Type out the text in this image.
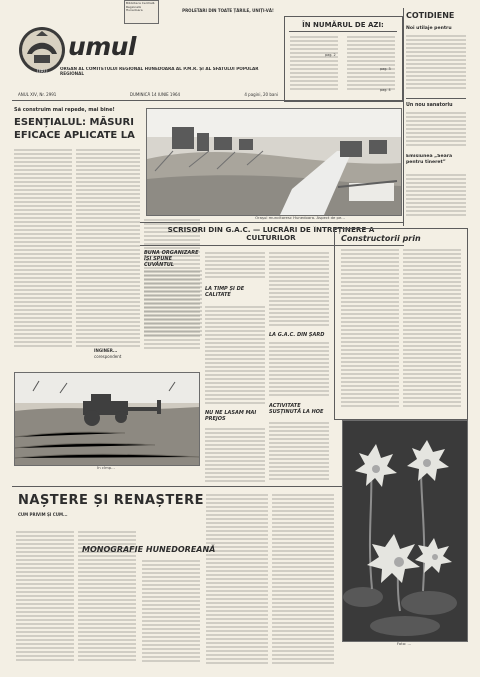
Biblioteca Centrală Regională Hunedoara	PROLETARI DIN TOATE ȚĂRILE, UNIȚI-VĂ!
DRU
umul
ORGAN AL COMITETULUI REGIONAL HUNEDOARA AL P.M.R. ȘI AL SFATULUI POPULAR REGIONAL
ANUL XIV, Nr. 2991	DUMINICĂ 14 IUNIE 1964	4 pagini, 20 bani
ÎN NUMĂRUL DE AZI:
pag. 2
pag. 3
pag. 4
COTIDIENE
Noi utilaje pentru
Un nou sanatoriu
Emisiunea „Seară pentru tineret”
Să construim mai repede, mai bine!
ESENȚIALUL: MĂSURI EFICACE APLICATE LA
INGINER...
corespondent
Orașul muncitoresc Hunedoara. Aspect de pe...
SCRISORI DIN G.A.C. — LUCRĂRI DE ÎNTREȚINERE A CULTURILOR
BUNA ORGANIZARE ÎȘI SPUNE CUVÂNTUL
LA TIMP ȘI DE CALITATE
NU NE LĂSĂM MAI PREJOS
LA G.A.C. DIN ȘARD
ACTIVITATE SUSȚINUTĂ LA HOE
Constructorii prin
În cîmp...
NAȘTERE ȘI RENAȘTERE
CUM PRIVIM ȘI CUM...
MONOGRAFIE HUNEDOREANĂ
Foto: ...
